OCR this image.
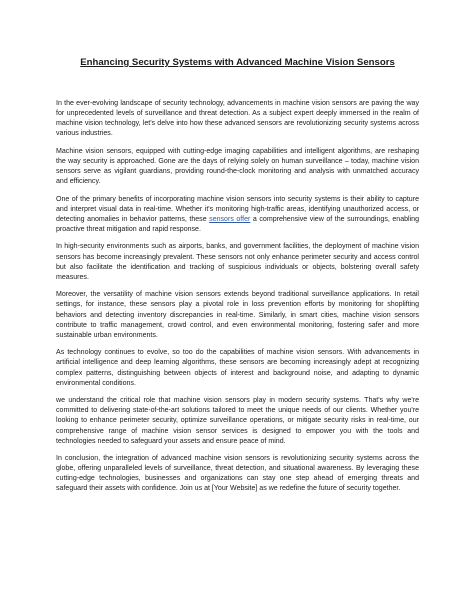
Enhancing Security Systems with Advanced Machine Vision Sensors

In the ever-evolving landscape of security technology, advancements in machine vision sensors are paving the way for unprecedented levels of surveillance and threat detection. As a subject expert deeply immersed in the realm of machine vision technology, let's delve into how these advanced sensors are revolutionizing security systems across various industries.

Machine vision sensors, equipped with cutting-edge imaging capabilities and intelligent algorithms, are reshaping the way security is approached. Gone are the days of relying solely on human surveillance – today, machine vision sensors serve as vigilant guardians, providing round-the-clock monitoring and analysis with unmatched accuracy and efficiency.

One of the primary benefits of incorporating machine vision sensors into security systems is their ability to capture and interpret visual data in real-time. Whether it's monitoring high-traffic areas, identifying unauthorized access, or detecting anomalies in behavior patterns, these sensors offer a comprehensive view of the surroundings, enabling proactive threat mitigation and rapid response.

In high-security environments such as airports, banks, and government facilities, the deployment of machine vision sensors has become increasingly prevalent. These sensors not only enhance perimeter security and access control but also facilitate the identification and tracking of suspicious individuals or objects, bolstering overall safety measures.

Moreover, the versatility of machine vision sensors extends beyond traditional surveillance applications. In retail settings, for instance, these sensors play a pivotal role in loss prevention efforts by monitoring for shoplifting behaviors and detecting inventory discrepancies in real-time. Similarly, in smart cities, machine vision sensors contribute to traffic management, crowd control, and even environmental monitoring, fostering safer and more sustainable urban environments.

As technology continues to evolve, so too do the capabilities of machine vision sensors. With advancements in artificial intelligence and deep learning algorithms, these sensors are becoming increasingly adept at recognizing complex patterns, distinguishing between objects of interest and background noise, and adapting to dynamic environmental conditions.

we understand the critical role that machine vision sensors play in modern security systems. That's why we're committed to delivering state-of-the-art solutions tailored to meet the unique needs of our clients. Whether you're looking to enhance perimeter security, optimize surveillance operations, or mitigate security risks in real-time, our comprehensive range of machine vision sensor services is designed to empower you with the tools and technologies needed to safeguard your assets and ensure peace of mind.

In conclusion, the integration of advanced machine vision sensors is revolutionizing security systems across the globe, offering unparalleled levels of surveillance, threat detection, and situational awareness. By leveraging these cutting-edge technologies, businesses and organizations can stay one step ahead of emerging threats and safeguard their assets with confidence. Join us at [Your Website] as we redefine the future of security together.
